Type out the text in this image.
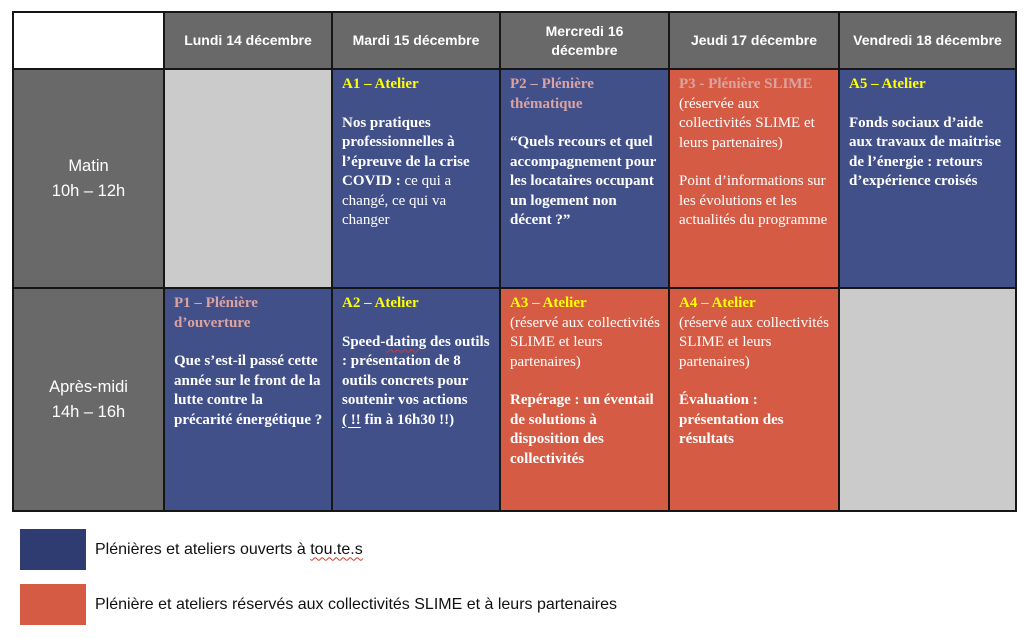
Lundi 14 décembre	Mardi 15 décembre
Mercredi 16 décembre
Jeudi 17 décembre	Vendredi 18 décembre
Matin
10h – 12h
A1 – Atelier
Nos pratiques professionnelles à l’épreuve de la crise COVID : ce qui a changé, ce qui va changer
P2 – Plénière thématique
“Quels recours et quel accompagnement pour les locataires occupant un logement non décent ?”
P3 - Plénière SLIME
(réservée aux collectivités SLIME et leurs partenaires)
Point d’informations sur les évolutions et les actualités du programme
A5 – Atelier
Fonds sociaux d’aide aux travaux de maitrise de l’énergie : retours d’expérience croisés
Après-midi
14h – 16h
P1 – Plénière d’ouverture
Que s’est-il passé cette année sur le front de la lutte contre la précarité énergétique ?
A2 – Atelier
Speed-dating des outils : présentation de 8 outils concrets pour soutenir vos actions
( !! fin à 16h30 !!)
A3 – Atelier
(réservé aux collectivités SLIME et leurs partenaires)
Repérage : un éventail de solutions à disposition des collectivités
A4 – Atelier
(réservé aux collectivités SLIME et leurs partenaires)
Évaluation : présentation des résultats
Plénières et ateliers ouverts à tou.te.s
Plénière et ateliers réservés aux collectivités SLIME et à leurs partenaires
